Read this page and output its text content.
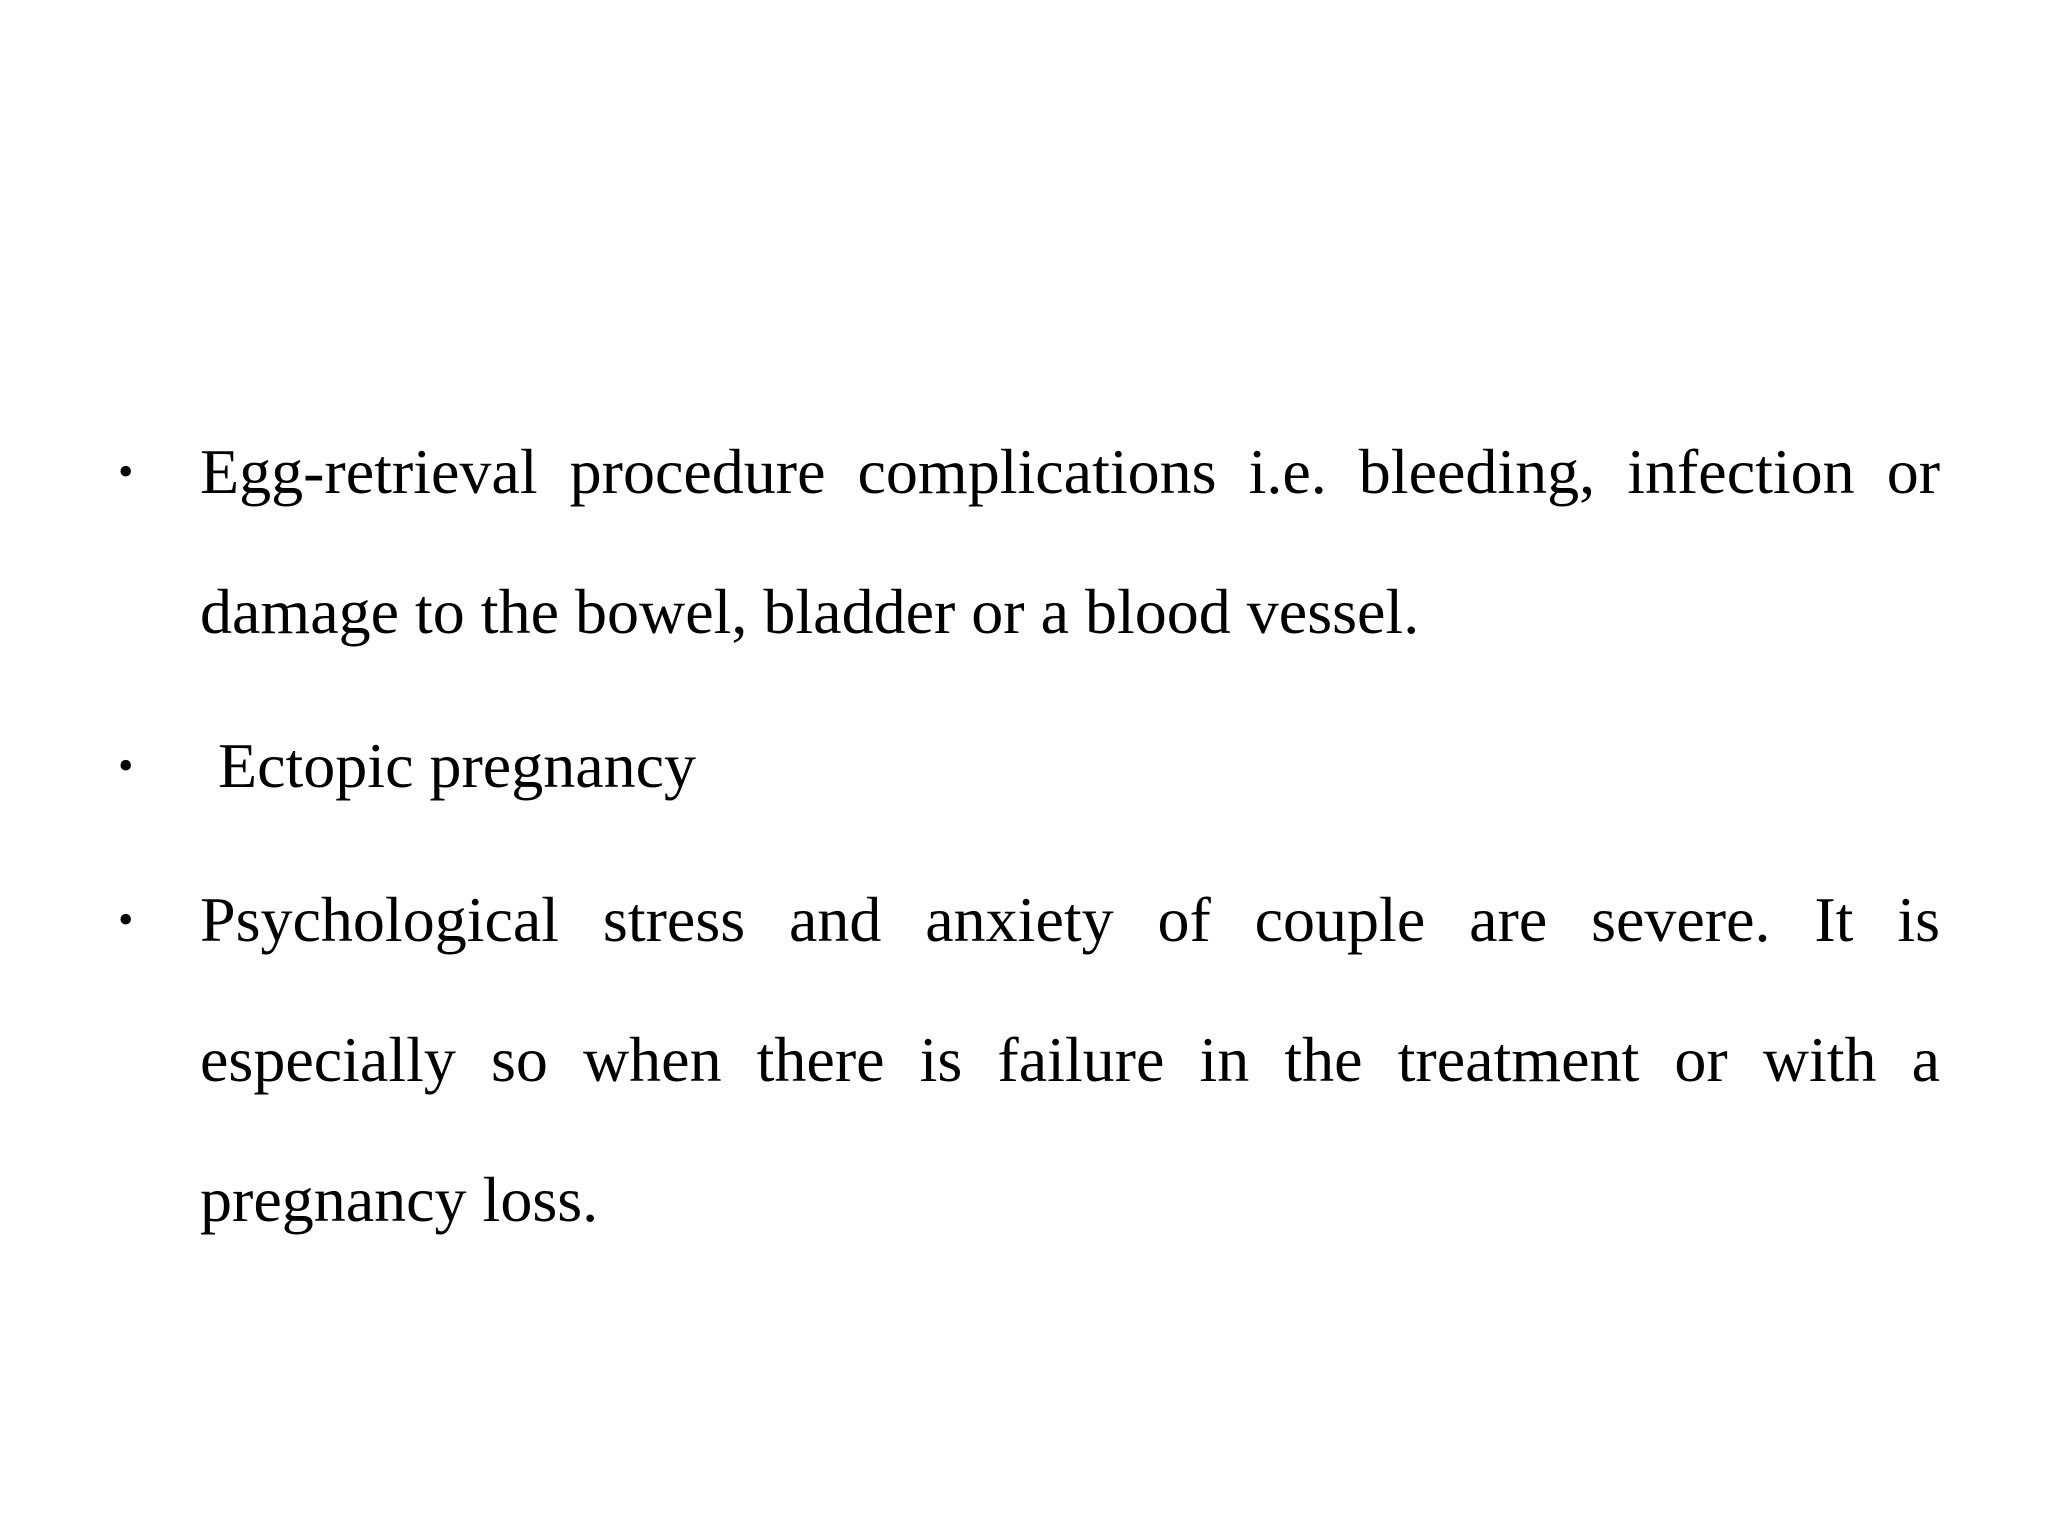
•	Egg-retrieval procedure complications i.e. bleeding, infection or damage to the bowel, bladder or a blood vessel.
•	Ectopic pregnancy
•	Psychological stress and anxiety of couple are severe. It is especially so when there is failure in the treatment or with a pregnancy loss.
